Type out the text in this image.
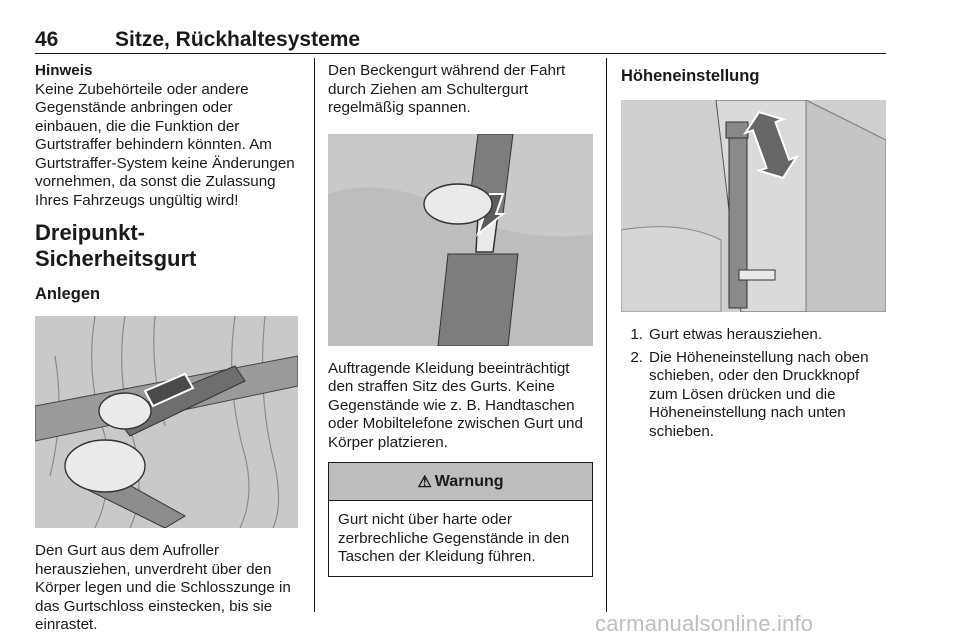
46	Sitze, Rückhaltesysteme
Hinweis
Keine Zubehörteile oder andere Gegenstände anbringen oder einbauen, die die Funktion der Gurtstraffer behindern könnten. Am Gurtstraffer-System keine Änderungen vornehmen, da sonst die Zulassung Ihres Fahrzeugs ungültig wird!
Dreipunkt-Sicherheitsgurt
Anlegen
Den Gurt aus dem Aufroller herausziehen, unverdreht über den Körper legen und die Schlosszunge in das Gurtschloss einstecken, bis sie einrastet.
Den Beckengurt während der Fahrt durch Ziehen am Schultergurt regelmäßig spannen.
Auftragende Kleidung beeinträchtigt den straffen Sitz des Gurts. Keine Gegenstände wie z. B. Handtaschen oder Mobiltelefone zwischen Gurt und Körper platzieren.
⚠ Warnung
Gurt nicht über harte oder zerbrechliche Gegenstände in den Taschen der Kleidung führen.
Höheneinstellung
1. Gurt etwas herausziehen.
2. Die Höheneinstellung nach oben schieben, oder den Druckknopf zum Lösen drücken und die Höheneinstellung nach unten schieben.
carmanualsonline.info
